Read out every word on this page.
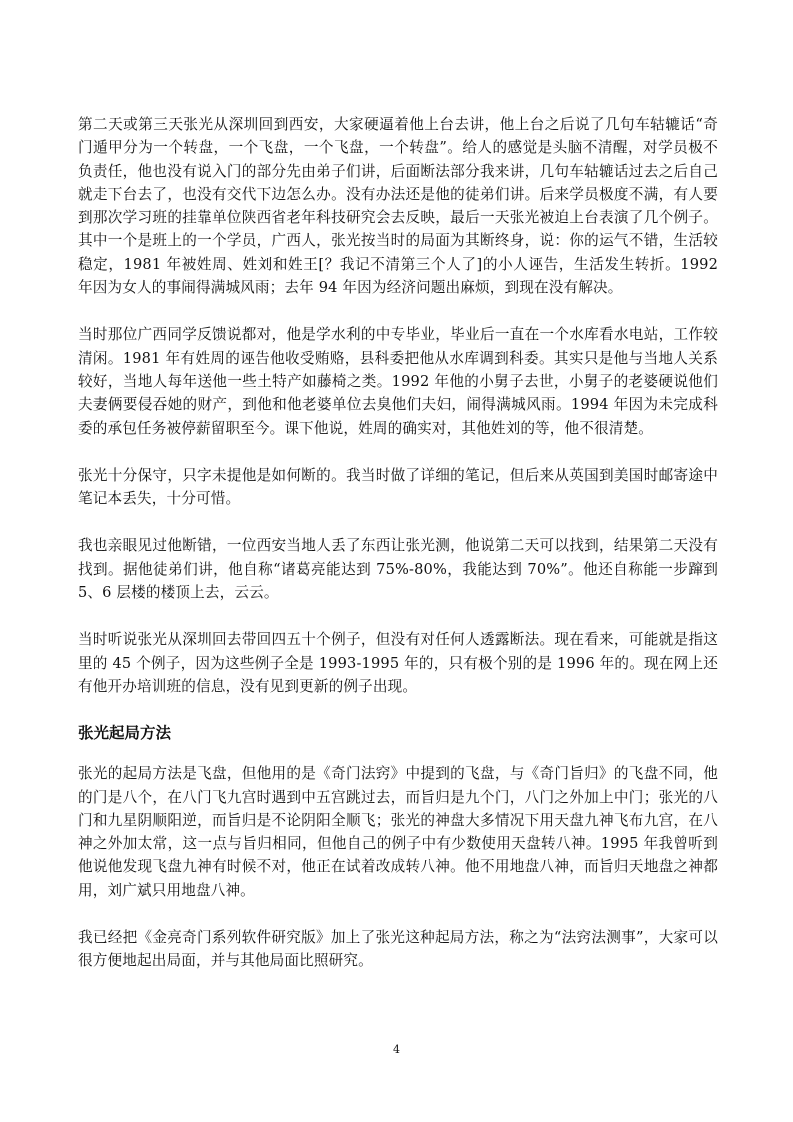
第二天或第三天张光从深圳回到西安，大家硬逼着他上台去讲，他上台之后说了几句车轱辘话“奇门遁甲分为一个转盘，一个飞盘，一个飞盘，一个转盘”。给人的感觉是头脑不清醒，对学员极不负责任，他也没有说入门的部分先由弟子们讲，后面断法部分我来讲，几句车轱辘话过去之后自己就走下台去了，也没有交代下边怎么办。没有办法还是他的徒弟们讲。后来学员极度不满，有人要到那次学习班的挂靠单位陕西省老年科技研究会去反映，最后一天张光被迫上台表演了几个例子。其中一个是班上的一个学员，广西人，张光按当时的局面为其断终身，说：你的运气不错，生活较稳定，1981 年被姓周、姓刘和姓王[？我记不清第三个人了]的小人诬告，生活发生转折。1992 年因为女人的事闹得满城风雨；去年 94 年因为经济问题出麻烦，到现在没有解决。

当时那位广西同学反馈说都对，他是学水利的中专毕业，毕业后一直在一个水库看水电站，工作较清闲。1981 年有姓周的诬告他收受贿赂，县科委把他从水库调到科委。其实只是他与当地人关系较好，当地人每年送他一些土特产如藤椅之类。1992 年他的小舅子去世，小舅子的老婆硬说他们夫妻俩要侵吞她的财产，到他和他老婆单位去臭他们夫妇，闹得满城风雨。1994 年因为未完成科委的承包任务被停薪留职至今。课下他说，姓周的确实对，其他姓刘的等，他不很清楚。

张光十分保守，只字未提他是如何断的。我当时做了详细的笔记，但后来从英国到美国时邮寄途中笔记本丢失，十分可惜。

我也亲眼见过他断错，一位西安当地人丢了东西让张光测，他说第二天可以找到，结果第二天没有找到。据他徒弟们讲，他自称“诸葛亮能达到 75%-80%，我能达到 70%”。他还自称能一步蹿到 5、6 层楼的楼顶上去，云云。

当时听说张光从深圳回去带回四五十个例子，但没有对任何人透露断法。现在看来，可能就是指这里的 45 个例子，因为这些例子全是 1993-1995 年的，只有极个别的是 1996 年的。现在网上还有他开办培训班的信息，没有见到更新的例子出现。

张光起局方法

张光的起局方法是飞盘，但他用的是《奇门法窍》中提到的飞盘，与《奇门旨归》的飞盘不同，他的门是八个，在八门飞九宫时遇到中五宫跳过去，而旨归是九个门，八门之外加上中门；张光的八门和九星阴顺阳逆，而旨归是不论阴阳全顺飞；张光的神盘大多情况下用天盘九神飞布九宫，在八神之外加太常，这一点与旨归相同，但他自己的例子中有少数使用天盘转八神。1995 年我曾听到他说他发现飞盘九神有时候不对，他正在试着改成转八神。他不用地盘八神，而旨归天地盘之神都用，刘广斌只用地盘八神。

我已经把《金亮奇门系列软件研究版》加上了张光这种起局方法，称之为“法窍法测事”，大家可以很方便地起出局面，并与其他局面比照研究。

4
